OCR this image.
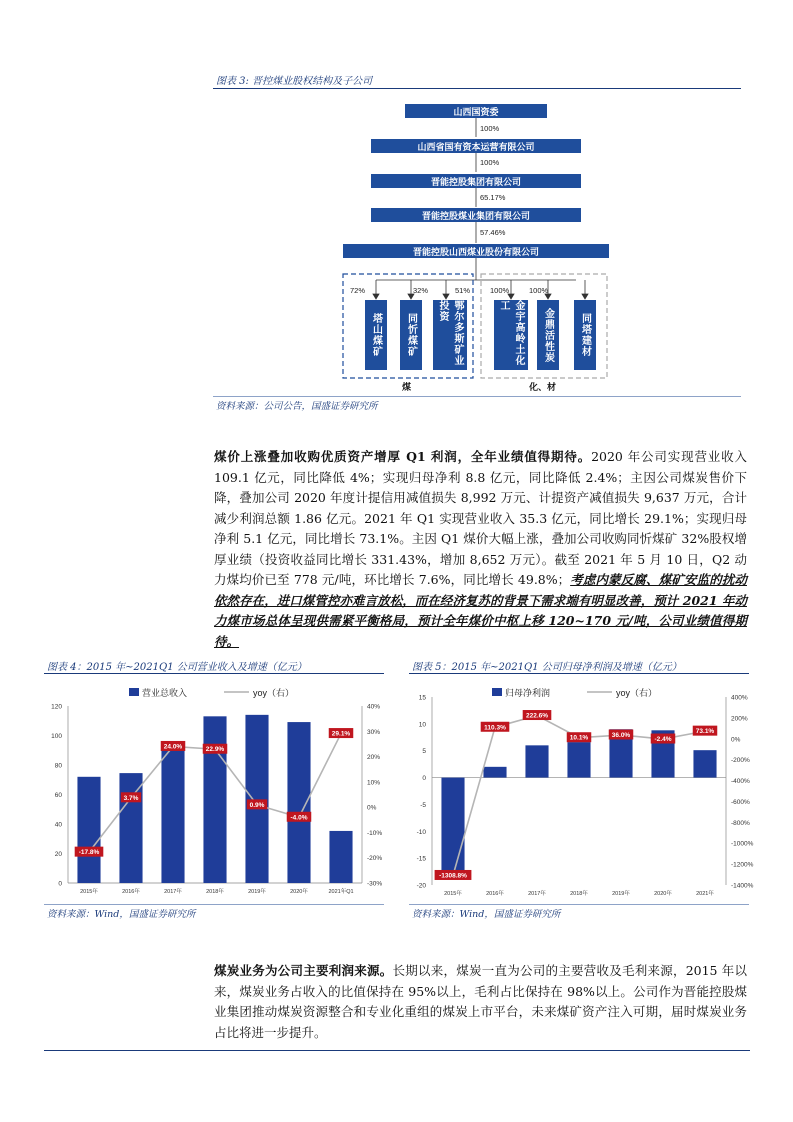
图表 3: 晋控煤业股权结构及子公司
山西国资委
100%
山西省国有资本运营有限公司
100%
晋能控股集团有限公司
65.17%
晋能控股煤业集团有限公司
57.46%
晋能控股山西煤业股份有限公司
72%	32%	51%	100%	100%
塔山煤矿	同忻煤矿	鄂尔多斯矿业投资	金宇高岭土化工
金鼎活性炭	同塔建材
煤	化、材
资料来源：公司公告，国盛证券研究所
煤价上涨叠加收购优质资产增厚 Q1 利润，全年业绩值得期待。2020 年公司实现营业收入 109.1 亿元，同比降低 4%；实现归母净利 8.8 亿元，同比降低 2.4%；主因公司煤炭售价下降，叠加公司 2020 年度计提信用减值损失 8,992 万元、计提资产减值损失 9,637 万元，合计减少利润总额 1.86 亿元。2021 年 Q1 实现营业收入 35.3 亿元，同比增长 29.1%；实现归母净利 5.1 亿元，同比增长 73.1%。主因 Q1 煤价大幅上涨，叠加公司收购同忻煤矿 32%股权增厚业绩（投资收益同比增长 331.43%，增加 8,652 万元）。截至 2021 年 5 月 10 日，Q2 动力煤均价已至 778 元/吨，环比增长 7.6%，同比增长 49.8%；考虑内蒙反腐、煤矿安监的扰动依然存在，进口煤管控亦难言放松，而在经济复苏的背景下需求端有明显改善，预计 2021 年动力煤市场总体呈现供需紧平衡格局，预计全年煤价中枢上移 120~170 元/吨，公司业绩值得期待。
图表 4：2015 年~2021Q1 公司营业收入及增速（亿元）
营业总收入	yoy（右）
0
20
40
60
80
100
120
-30%
-20%
-10%
0%
10%
20%
30%
40%
2015年	2016年	2017年	2018年	2019年	2020年	2021年Q1
-17.8%
3.7%
24.0%	22.9%
0.9%
-4.0%
29.1%
资料来源：Wind，国盛证券研究所
图表 5：2015 年~2021Q1 公司归母净利润及增速（亿元）
归母净利润	yoy（右）
-20
-15
-10
-5
0
5
10
15
-1400%
-1200%
-1000%
-800%
-600%
-400%
-200%
0%
200%
400%
2015年	2016年	2017年	2018年	2019年	2020年	2021年
-1308.8%
110.3%
222.6%
10.1%	36.0%
-2.4%
73.1%
资料来源：Wind，国盛证券研究所
煤炭业务为公司主要利润来源。长期以来，煤炭一直为公司的主要营收及毛利来源，2015 年以来，煤炭业务占收入的比值保持在 95%以上，毛利占比保持在 98%以上。公司作为晋能控股煤业集团推动煤炭资源整合和专业化重组的煤炭上市平台，未来煤矿资产注入可期，届时煤炭业务占比将进一步提升。
